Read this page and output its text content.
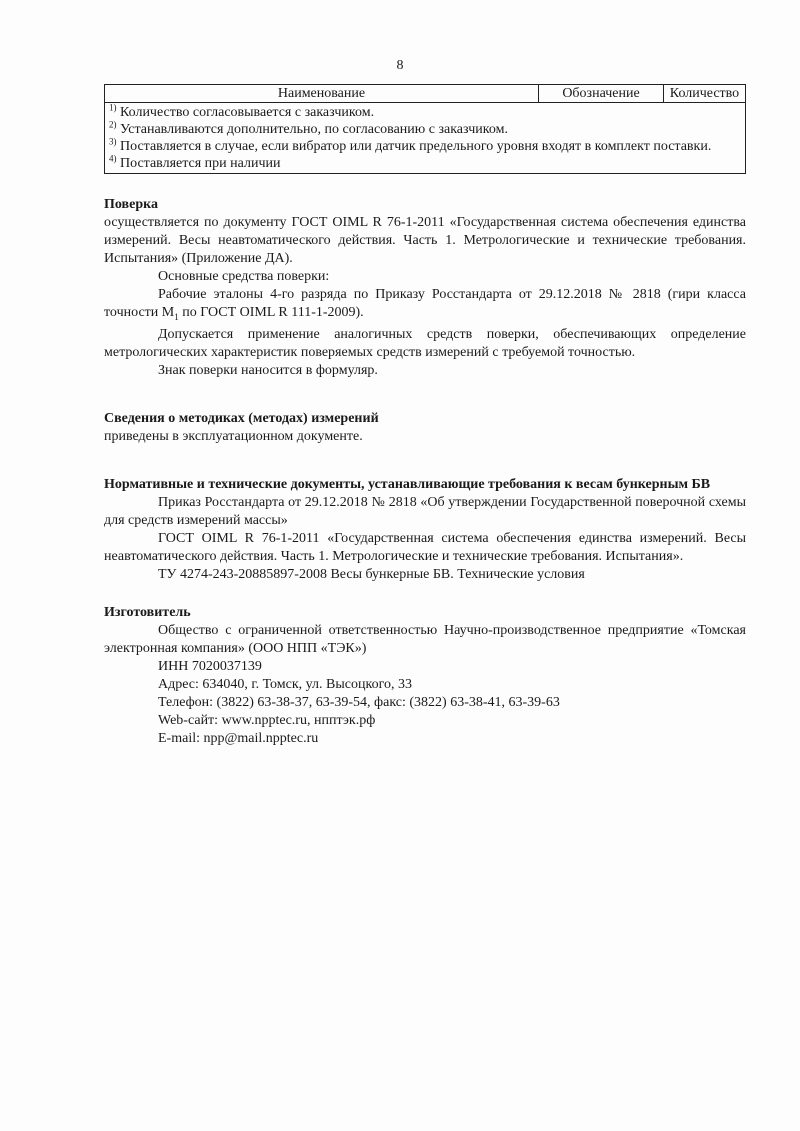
8
Наименование	Обозначение	Количество

$^{1)}$ Количество согласовывается с заказчиком.
$^{2)}$ Устанавливаются дополнительно, по согласованию с заказчиком.
$^{3)}$ Поставляется в случае, если вибратор или датчик предельного уровня входят в комплект поставки.
$^{4)}$ Поставляется при наличии
Поверка

осуществляется по документу ГОСТ OIML R 76-1-2011 «Государственная система обеспечения единства измерений. Весы неавтоматического действия. Часть 1. Метрологические и технические требования. Испытания» (Приложение ДА).

Основные средства поверки:

Рабочие эталоны 4-го разряда по Приказу Росстандарта от 29.12.2018 № 2818 (гири класса точности $M_1$ по ГОСТ OIML R 111-1-2009).

Допускается применение аналогичных средств поверки, обеспечивающих определение метрологических характеристик поверяемых средств измерений с требуемой точностью.

Знак поверки наносится в формуляр.

Сведения о методиках (методах) измерений

приведены в эксплуатационном документе.

Нормативные и технические документы, устанавливающие требования к весам бункерным БВ

Приказ Росстандарта от 29.12.2018 № 2818 «Об утверждении Государственной поверочной схемы для средств измерений массы»

ГОСТ OIML R 76-1-2011 «Государственная система обеспечения единства измерений. Весы неавтоматического действия. Часть 1. Метрологические и технические требования. Испытания».

ТУ 4274-243-20885897-2008 Весы бункерные БВ. Технические условия

Изготовитель

Общество с ограниченной ответственностью Научно-производственное предприятие «Томская электронная компания» (ООО НПП «ТЭК»)

ИНН 7020037139

Адрес: 634040, г. Томск, ул. Высоцкого, 33

Телефон: (3822) 63-38-37, 63-39-54, факс: (3822) 63-38-41, 63-39-63

Web-сайт: www.npptec.ru, нпптэк.рф

E-mail: npp@mail.npptec.ru
